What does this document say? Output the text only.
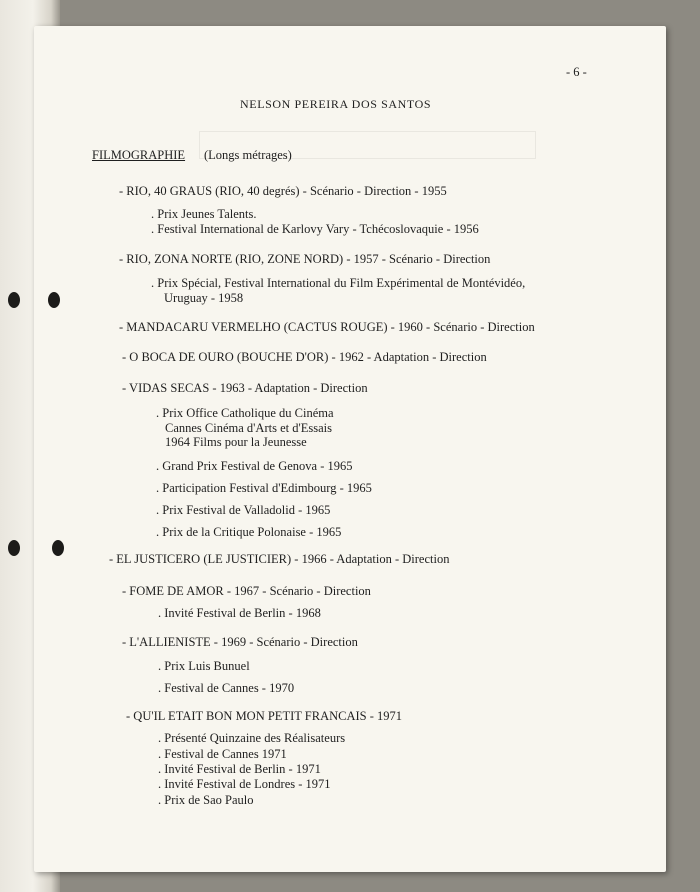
- 6 -
NELSON PEREIRA DOS SANTOS
FILMOGRAPHIE (Longs métrages)
- RIO, 40 GRAUS (RIO, 40 degrés) - Scénario - Direction - 1955
. Prix Jeunes Talents.
. Festival International de Karlovy Vary - Tchécoslovaquie - 1956
- RIO, ZONA NORTE (RIO, ZONE NORD) - 1957 - Scénario - Direction
. Prix Spécial, Festival International du Film Expérimental de Montévidéo,
Uruguay - 1958
- MANDACARU VERMELHO (CACTUS ROUGE) - 1960 - Scénario - Direction
- O BOCA DE OURO (BOUCHE D'OR) - 1962 - Adaptation - Direction
- VIDAS SECAS - 1963 - Adaptation - Direction
. Prix Office Catholique du Cinéma
Cannes Cinéma d'Arts et d'Essais
1964 Films pour la Jeunesse
. Grand Prix Festival de Genova - 1965
. Participation Festival d'Edimbourg - 1965
. Prix Festival de Valladolid - 1965
. Prix de la Critique Polonaise - 1965
- EL JUSTICERO (LE JUSTICIER) - 1966 - Adaptation - Direction
- FOME DE AMOR - 1967 - Scénario - Direction
. Invité Festival de Berlin - 1968
- L'ALLIENISTE - 1969 - Scénario - Direction
. Prix Luis Bunuel
. Festival de Cannes - 1970
- QU'IL ETAIT BON MON PETIT FRANCAIS - 1971
. Présenté Quinzaine des Réalisateurs
. Festival de Cannes 1971
. Invité Festival de Berlin - 1971
. Invité Festival de Londres - 1971
. Prix de Sao Paulo
